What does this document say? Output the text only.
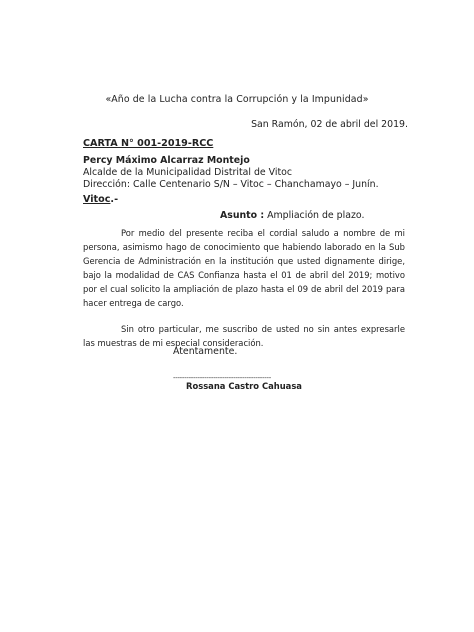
«Año de la Lucha contra la Corrupción y la Impunidad»
San Ramón, 02 de abril del 2019.
CARTA N° 001-2019-RCC
Percy Máximo Alcarraz Montejo
Alcalde de la Municipalidad Distrital de Vitoc
Dirección: Calle Centenario S/N – Vitoc – Chanchamayo – Junín.
Vitoc.-
Asunto : Ampliación de plazo.

Por medio del presente reciba el cordial saludo a nombre de mi persona, asimismo hago de conocimiento que habiendo laborado en la Sub Gerencia de Administración en la institución que usted dignamente dirige, bajo la modalidad de CAS Confianza hasta el 01 de abril del 2019; motivo por el cual solicito la ampliación de plazo hasta el 09 de abril del 2019 para hacer entrega de cargo.

Sin otro particular, me suscribo de usted no sin antes expresarle las muestras de mi especial consideración.

Atentamente.
--------------------------------------------
Rossana Castro Cahuasa
